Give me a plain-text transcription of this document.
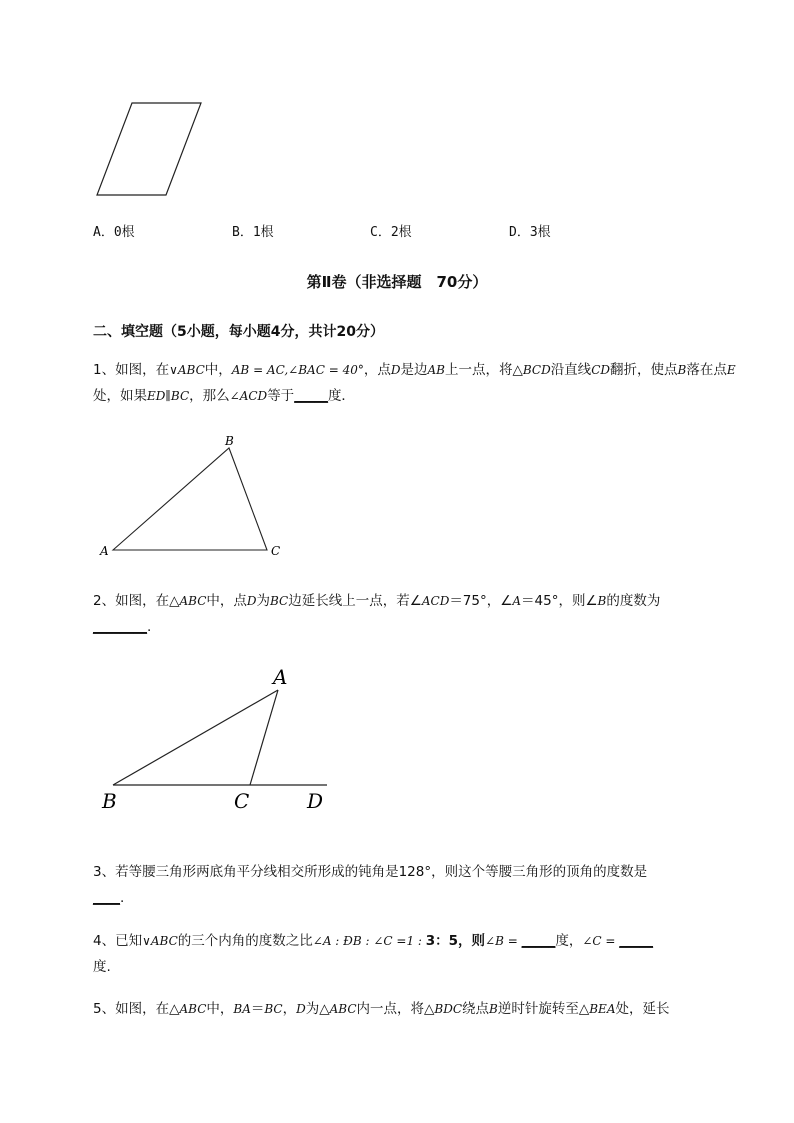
A．0根	B．1根	C．2根	D．3根
第Ⅱ卷（非选择题　70分）
二、填空题（5小题，每小题4分，共计20分）
1、如图，在∨ABC中，AB = AC,∠BAC = 40°，点D是边AB上一点，将△BCD沿直线CD翻折，使点B落在点E处，如果ED∥BC，那么∠ACD等于_____度．
A
B
C
2、如图，在△ABC中，点D为BC边延长线上一点，若∠ACD＝75°，∠A＝45°，则∠B的度数为
________.
A
B	C	D
3、若等腰三角形两底角平分线相交所形成的钝角是128°，则这个等腰三角形的顶角的度数是
____.
4、已知∨ABC的三个内角的度数之比∠A : ÐB : ∠C =1 : 3：5，则∠B = _____度，∠C = _____
度.
5、如图，在△ABC中，BA＝BC，D为△ABC内一点，将△BDC绕点B逆时针旋转至△BEA处，延长
